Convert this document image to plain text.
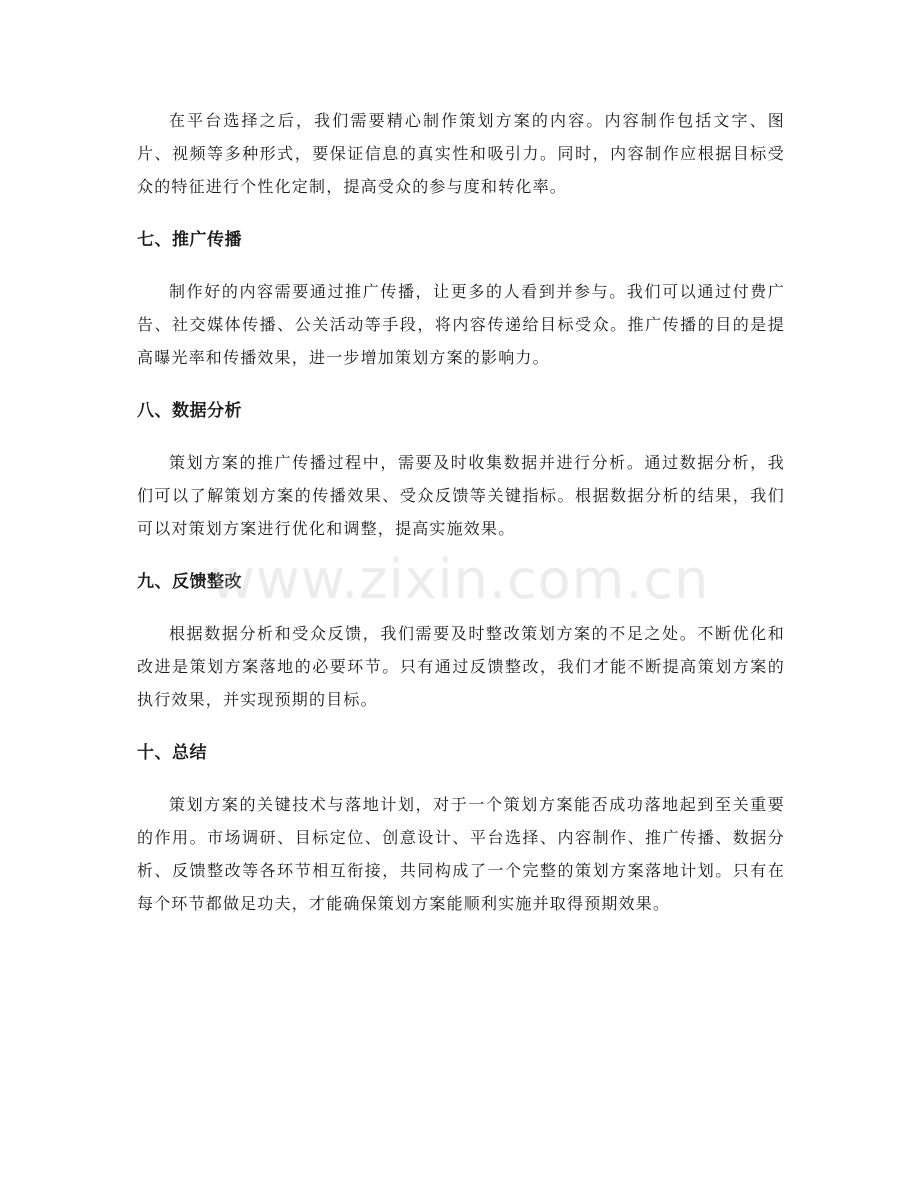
在平台选择之后，我们需要精心制作策划方案的内容。内容制作包括文字、图片、视频等多种形式，要保证信息的真实性和吸引力。同时，内容制作应根据目标受众的特征进行个性化定制，提高受众的参与度和转化率。

七、推广传播

制作好的内容需要通过推广传播，让更多的人看到并参与。我们可以通过付费广告、社交媒体传播、公关活动等手段，将内容传递给目标受众。推广传播的目的是提高曝光率和传播效果，进一步增加策划方案的影响力。

八、数据分析

策划方案的推广传播过程中，需要及时收集数据并进行分析。通过数据分析，我们可以了解策划方案的传播效果、受众反馈等关键指标。根据数据分析的结果，我们可以对策划方案进行优化和调整，提高实施效果。

九、反馈整改

根据数据分析和受众反馈，我们需要及时整改策划方案的不足之处。不断优化和改进是策划方案落地的必要环节。只有通过反馈整改，我们才能不断提高策划方案的执行效果，并实现预期的目标。

十、总结

策划方案的关键技术与落地计划，对于一个策划方案能否成功落地起到至关重要的作用。市场调研、目标定位、创意设计、平台选择、内容制作、推广传播、数据分析、反馈整改等各环节相互衔接，共同构成了一个完整的策划方案落地计划。只有在每个环节都做足功夫，才能确保策划方案能顺利实施并取得预期效果。

www.zixin.com.cn
